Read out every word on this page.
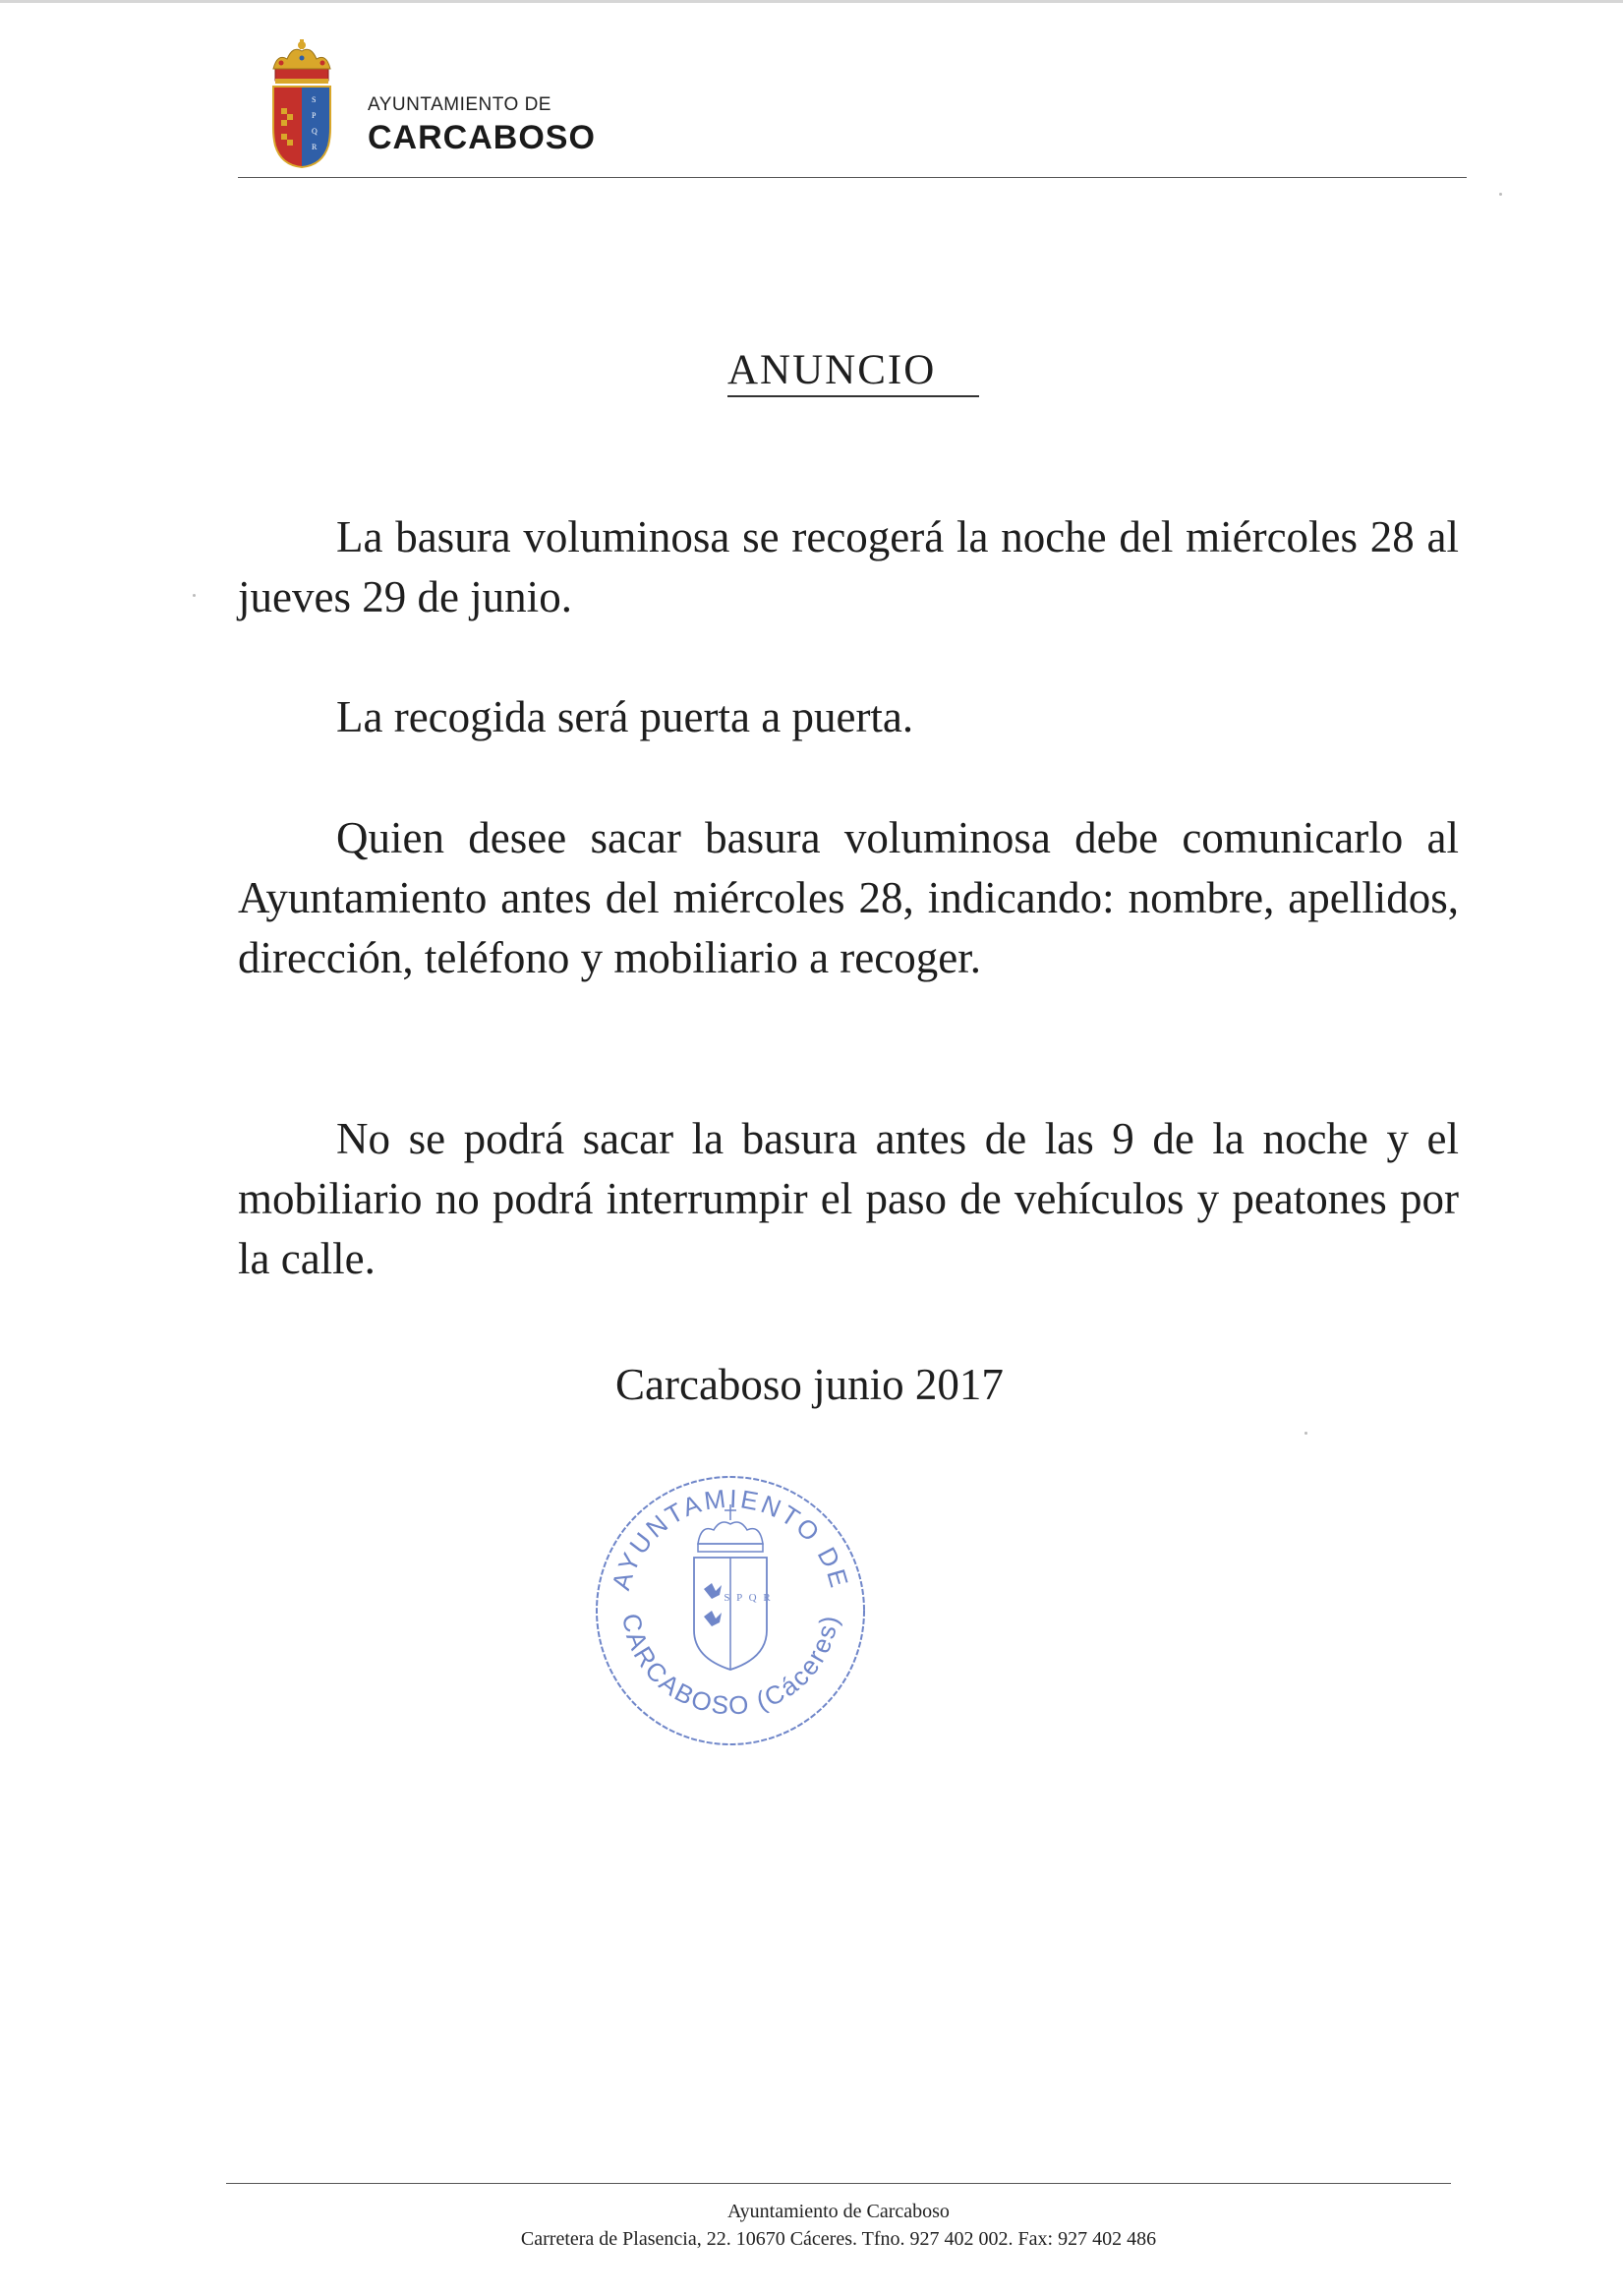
S
P
Q
R
AYUNTAMIENTO DE
CARCABOSO
ANUNCIO
La basura voluminosa se recogerá la noche del miércoles 28 al jueves 29 de junio.
La recogida será puerta a puerta.
Quien desee sacar basura voluminosa debe comunicarlo al Ayuntamiento antes del miércoles 28, indicando: nombre, apellidos, dirección, teléfono y mobiliario a recoger.
No se podrá sacar la basura antes de las 9 de la noche y el mobiliario no podrá interrumpir el paso de vehículos y peatones por la calle.
Carcaboso junio 2017
AYUNTAMIENTO DE
CARCABOSO (Cáceres)
S P Q R
Ayuntamiento de Carcaboso
Carretera de Plasencia, 22. 10670 Cáceres. Tfno. 927 402 002. Fax: 927 402 486
